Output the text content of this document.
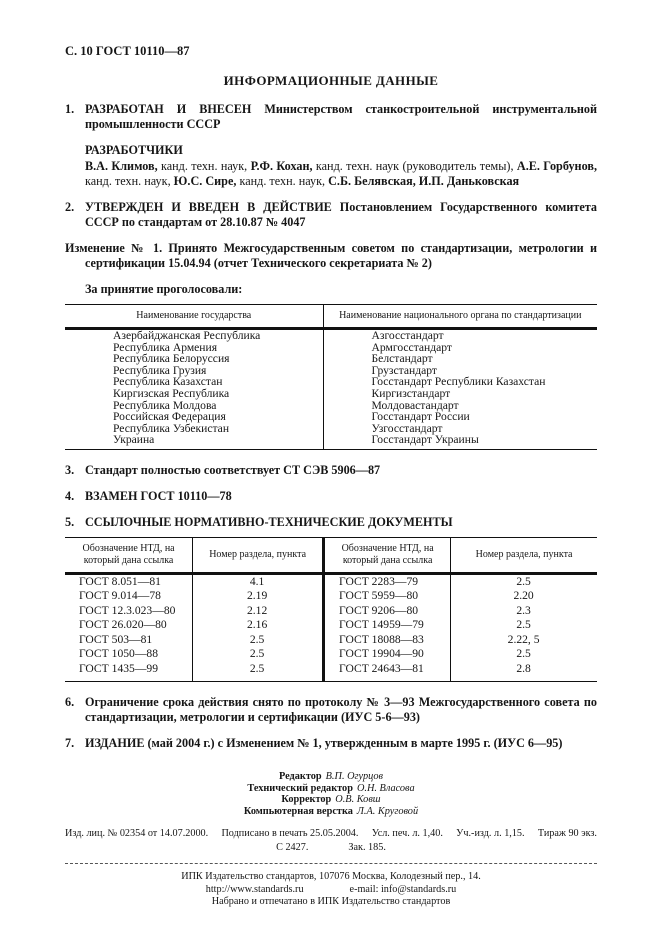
С. 10 ГОСТ 10110—87
ИНФОРМАЦИОННЫЕ ДАННЫЕ
1. РАЗРАБОТАН И ВНЕСЕН Министерством станкостроительной инструментальной промышленности СССР
РАЗРАБОТЧИКИ

В.А. Климов, канд. техн. наук, Р.Ф. Кохан, канд. техн. наук (руководитель темы), А.Е. Горбунов, канд. техн. наук, Ю.С. Сире, канд. техн. наук, С.Б. Белявская, И.П. Даньковская

2. УТВЕРЖДЕН И ВВЕДЕН В ДЕЙСТВИЕ Постановлением Государственного комитета СССР по стандартам от 28.10.87 № 4047
Изменение № 1. Принято Межгосударственным советом по стандартизации, метрологии и сертификации 15.04.94 (отчет Технического секретариата № 2)
За принятие проголосовали:
Наименование государства	Наименование национального органа по стандартизации
Азербайджанская Республика	Азгосстандарт
Республика Армения	Армгосстандарт
Республика Белоруссия	Белстандарт
Республика Грузия	Грузстандарт
Республика Казахстан	Госстандарт Республики Казахстан
Киргизская Республика	Киргизстандарт
Республика Молдова	Молдовастандарт
Российская Федерация	Госстандарт России
Республика Узбекистан	Узгосстандарт
Украина	Госстандарт Украины
3. Стандарт полностью соответствует СТ СЭВ 5906—87
4. ВЗАМЕН ГОСТ 10110—78
5. ССЫЛОЧНЫЕ НОРМАТИВНО-ТЕХНИЧЕСКИЕ ДОКУМЕНТЫ
Обозначение НТД, на который дана ссылка	Номер раздела, пункта	Обозначение НТД, на который дана ссылка	Номер раздела, пункта
ГОСТ 8.051—81	4.1	ГОСТ 2283—79	2.5
ГОСТ 9.014—78	2.19	ГОСТ 5959—80	2.20
ГОСТ 12.3.023—80	2.12	ГОСТ 9206—80	2.3
ГОСТ 26.020—80	2.16	ГОСТ 14959—79	2.5
ГОСТ 503—81	2.5	ГОСТ 18088—83	2.22, 5
ГОСТ 1050—88	2.5	ГОСТ 19904—90	2.5
ГОСТ 1435—99	2.5	ГОСТ 24643—81	2.8
6. Ограничение срока действия снято по протоколу № 3—93 Межгосударственного совета по стандартизации, метрологии и сертификации (ИУС 5-6—93)
7. ИЗДАНИЕ (май 2004 г.) с Изменением № 1, утвержденным в марте 1995 г. (ИУС 6—95)
Редактор В.П. Огурцов
Технический редактор О.Н. Власова
Корректор О.В. Ковш
Компьютерная верстка Л.А. Круговой
Изд. лиц. № 02354 от 14.07.2000. Подписано в печать 25.05.2004. Усл. печ. л. 1,40. Уч.-изд. л. 1,15. Тираж 90 экз.
С 2427.	Зак. 185.
ИПК Издательство стандартов, 107076 Москва, Колодезный пер., 14.
http://www.standards.ru	e-mail: info@standards.ru
Набрано и отпечатано в ИПК Издательство стандартов
